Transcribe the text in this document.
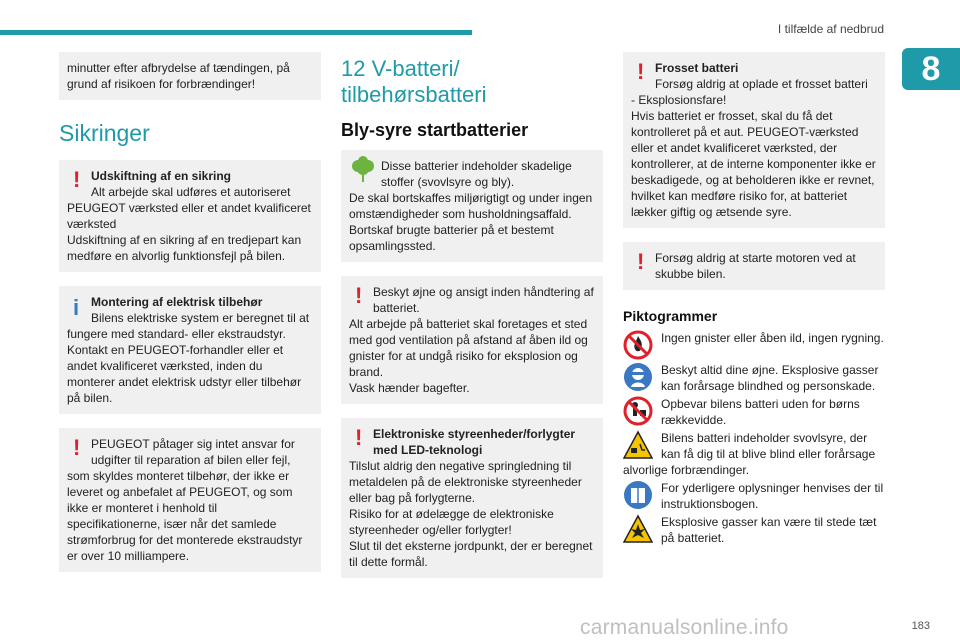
I tilfælde af nedbrud
8
minutter efter afbrydelse af tændingen, på grund af risikoen for forbrændinger!
Sikringer
! Udskiftning af en sikring
Alt arbejde skal udføres et autoriseret
PEUGEOT værksted eller et andet kvalificeret værksted
Udskiftning af en sikring af en tredjepart kan medføre en alvorlig funktionsfejl på bilen.
i Montering af elektrisk tilbehør
Bilens elektriske system er beregnet til at
fungere med standard- eller ekstraudstyr. Kontakt en PEUGEOT-forhandler eller et andet kvalificeret værksted, inden du monterer andet elektrisk udstyr eller tilbehør på bilen.
! PEUGEOT påtager sig intet ansvar for udgifter til reparation af bilen eller fejl,
som skyldes monteret tilbehør, der ikke er leveret og anbefalet af PEUGEOT, og som ikke er monteret i henhold til specifikationerne, især når det samlede strømforbrug for det monterede ekstraudstyr er over 10 milliampere.
12 V-batteri/ tilbehørsbatteri
Bly-syre startbatterier
Disse batterier indeholder skadelige stoffer (svovlsyre og bly).
De skal bortskaffes miljørigtigt og under ingen omstændigheder som husholdningsaffald.
Bortskaf brugte batterier på et bestemt opsamlingssted.
! Beskyt øjne og ansigt inden håndtering af batteriet.
Alt arbejde på batteriet skal foretages et sted med god ventilation på afstand af åben ild og gnister for at undgå risiko for eksplosion og brand.
Vask hænder bagefter.
! Elektroniske styreenheder/forlygter med LED-teknologi
Tilslut aldrig den negative springledning til metaldelen på de elektroniske styreenheder eller bag på forlygterne.
Risiko for at ødelægge de elektroniske styreenheder og/eller forlygter!
Slut til det eksterne jordpunkt, der er beregnet til dette formål.
! Frosset batteri
Forsøg aldrig at oplade et frosset batteri
- Eksplosionsfare!
Hvis batteriet er frosset, skal du få det kontrolleret på et aut. PEUGEOT-værksted eller et andet kvalificeret værksted, der kontrollerer, at de interne komponenter ikke er beskadigede, og at beholderen ikke er revnet, hvilket kan medføre risiko for, at batteriet lækker giftig og ætsende syre.
! Forsøg aldrig at starte motoren ved at skubbe bilen.
Piktogrammer
Ingen gnister eller åben ild, ingen rygning.
Beskyt altid dine øjne. Eksplosive gasser kan forårsage blindhed og personskade.
Opbevar bilens batteri uden for børns rækkevidde.
Bilens batteri indeholder svovlsyre, der kan få dig til at blive blind eller forårsage
alvorlige forbrændinger.
i
For yderligere oplysninger henvises der til instruktionsbogen.
Eksplosive gasser kan være til stede tæt på batteriet.
183
carmanualsonline.info
